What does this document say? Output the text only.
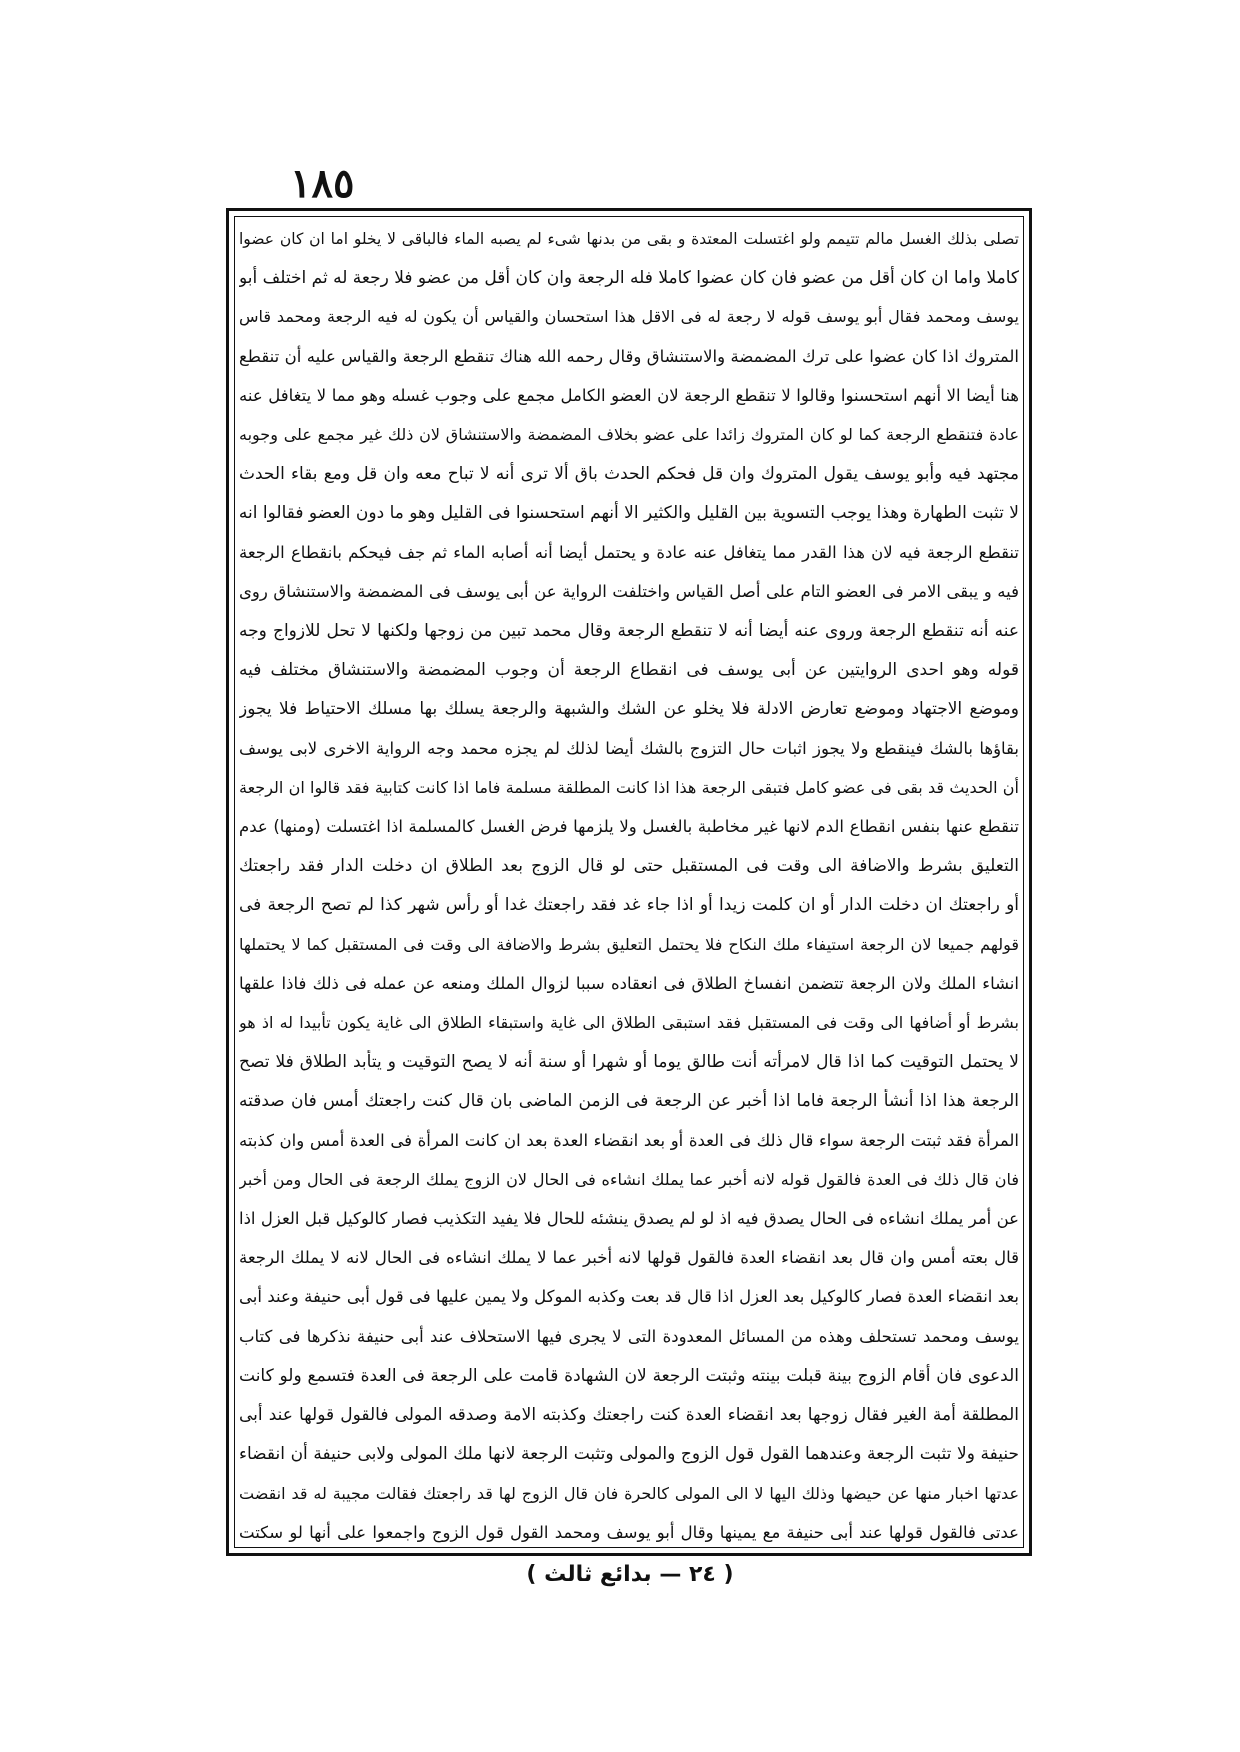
١٨٥
تصلى بذلك الغسل مالم تتيمم ولو اغتسلت المعتدة و بقى من بدنها شىء لم يصبه الماء فالباقى لا يخلو اما ان كان عضوا
كاملا واما ان كان أقل من عضو فان كان عضوا كاملا فله الرجعة وان كان أقل من عضو فلا رجعة له ثم اختلف أبو
يوسف ومحمد فقال أبو يوسف قوله لا رجعة له فى الاقل هذا استحسان والقياس أن يكون له فيه الرجعة ومحمد قاس
المتروك اذا كان عضوا على ترك المضمضة والاستنشاق وقال رحمه الله هناك تنقطع الرجعة والقياس عليه أن تنقطع
هنا أيضا الا أنهم استحسنوا وقالوا لا تنقطع الرجعة لان العضو الكامل مجمع على وجوب غسله وهو مما لا يتغافل عنه
عادة فتنقطع الرجعة كما لو كان المتروك زائدا على عضو بخلاف المضمضة والاستنشاق لان ذلك غير مجمع على وجوبه
مجتهد فيه وأبو يوسف يقول المتروك وان قل فحكم الحدث باق ألا ترى أنه لا تباح معه وان قل ومع بقاء الحدث
لا تثبت الطهارة وهذا يوجب التسوية بين القليل والكثير الا أنهم استحسنوا فى القليل وهو ما دون العضو فقالوا انه
تنقطع الرجعة فيه لان هذا القدر مما يتغافل عنه عادة و يحتمل أيضا أنه أصابه الماء ثم جف فيحكم بانقطاع الرجعة
فيه و يبقى الامر فى العضو التام على أصل القياس واختلفت الرواية عن أبى يوسف فى المضمضة والاستنشاق روى
عنه أنه تنقطع الرجعة وروى عنه أيضا أنه لا تنقطع الرجعة وقال محمد تبين من زوجها ولكنها لا تحل للازواج وجه
قوله وهو احدى الروايتين عن أبى يوسف فى انقطاع الرجعة أن وجوب المضمضة والاستنشاق مختلف فيه
وموضع الاجتهاد وموضع تعارض الادلة فلا يخلو عن الشك والشبهة والرجعة يسلك بها مسلك الاحتياط فلا يجوز
بقاؤها بالشك فينقطع ولا يجوز اثبات حال التزوج بالشك أيضا لذلك لم يجزه محمد وجه الرواية الاخرى لابى يوسف
أن الحديث قد بقى فى عضو كامل فتبقى الرجعة هذا اذا كانت المطلقة مسلمة فاما اذا كانت كتابية فقد قالوا ان الرجعة
تنقطع عنها بنفس انقطاع الدم لانها غير مخاطبة بالغسل ولا يلزمها فرض الغسل كالمسلمة اذا اغتسلت (ومنها) عدم
التعليق بشرط والاضافة الى وقت فى المستقبل حتى لو قال الزوج بعد الطلاق ان دخلت الدار فقد راجعتك
أو راجعتك ان دخلت الدار أو ان كلمت زيدا أو اذا جاء غد فقد راجعتك غدا أو رأس شهر كذا لم تصح الرجعة فى
قولهم جميعا لان الرجعة استيفاء ملك النكاح فلا يحتمل التعليق بشرط والاضافة الى وقت فى المستقبل كما لا يحتملها
انشاء الملك ولان الرجعة تتضمن انفساخ الطلاق فى انعقاده سببا لزوال الملك ومنعه عن عمله فى ذلك فاذا علقها
بشرط أو أضافها الى وقت فى المستقبل فقد استبقى الطلاق الى غاية واستبقاء الطلاق الى غاية يكون تأبيدا له اذ هو
لا يحتمل التوقيت كما اذا قال لامرأته أنت طالق يوما أو شهرا أو سنة أنه لا يصح التوقيت و يتأبد الطلاق فلا تصح
الرجعة هذا اذا أنشأ الرجعة فاما اذا أخبر عن الرجعة فى الزمن الماضى بان قال كنت راجعتك أمس فان صدقته
المرأة فقد ثبتت الرجعة سواء قال ذلك فى العدة أو بعد انقضاء العدة بعد ان كانت المرأة فى العدة أمس وان كذبته
فان قال ذلك فى العدة فالقول قوله لانه أخبر عما يملك انشاءه فى الحال لان الزوج يملك الرجعة فى الحال ومن أخبر
عن أمر يملك انشاءه فى الحال يصدق فيه اذ لو لم يصدق ينشئه للحال فلا يفيد التكذيب فصار كالوكيل قبل العزل اذا
قال بعته أمس وان قال بعد انقضاء العدة فالقول قولها لانه أخبر عما لا يملك انشاءه فى الحال لانه لا يملك الرجعة
بعد انقضاء العدة فصار كالوكيل بعد العزل اذا قال قد بعت وكذبه الموكل ولا يمين عليها فى قول أبى حنيفة وعند أبى
يوسف ومحمد تستحلف وهذه من المسائل المعدودة التى لا يجرى فيها الاستحلاف عند أبى حنيفة نذكرها فى كتاب
الدعوى فان أقام الزوج بينة قبلت بينته وثبتت الرجعة لان الشهادة قامت على الرجعة فى العدة فتسمع ولو كانت
المطلقة أمة الغير فقال زوجها بعد انقضاء العدة كنت راجعتك وكذبته الامة وصدقه المولى فالقول قولها عند أبى
حنيفة ولا تثبت الرجعة وعندهما القول قول الزوج والمولى وتثبت الرجعة لانها ملك المولى ولابى حنيفة أن انقضاء
عدتها اخبار منها عن حيضها وذلك اليها لا الى المولى كالحرة فان قال الزوج لها قد راجعتك فقالت مجيبة له قد انقضت
عدتى فالقول قولها عند أبى حنيفة مع يمينها وقال أبو يوسف ومحمد القول قول الزوج واجمعوا على أنها لو سكتت
( ٢٤ — بدائع ثالث )
